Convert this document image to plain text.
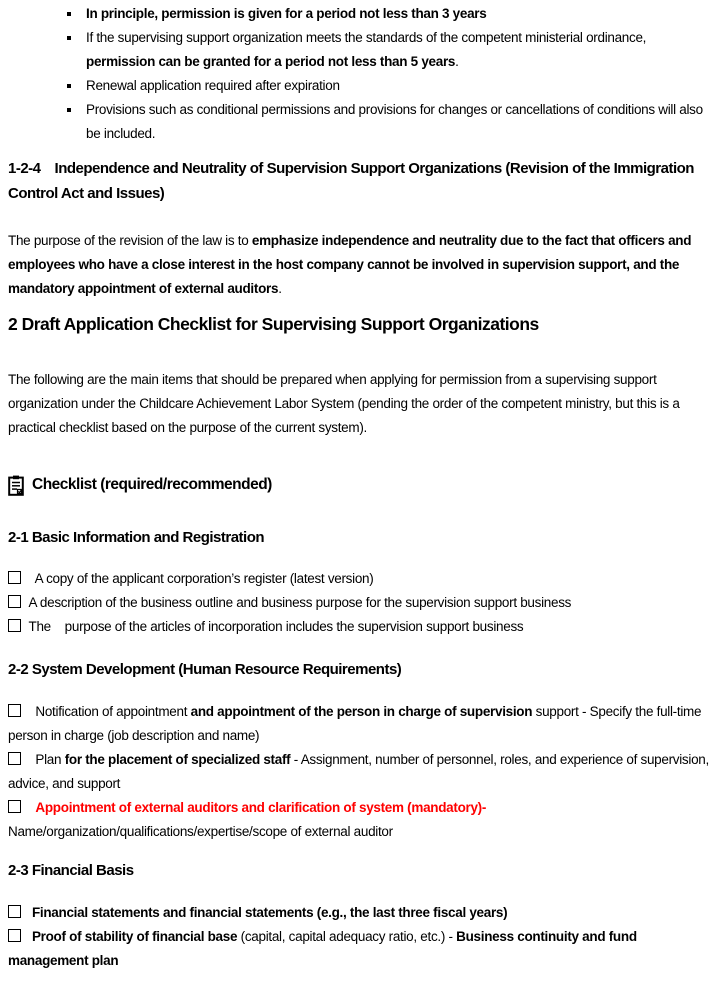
In principle, permission is given for a period not less than 3 years
If the supervising support organization meets the standards of the competent ministerial ordinance, permission can be granted for a period not less than 5 years.
Renewal application required after expiration
Provisions such as conditional permissions and provisions for changes or cancellations of conditions will also be included.
1-2-4 Independence and Neutrality of Supervision Support Organizations (Revision of the Immigration Control Act and Issues)

The purpose of the revision of the law is to emphasize independence and neutrality due to the fact that officers and employees who have a close interest in the host company cannot be involved in supervision support, and the mandatory appointment of external auditors.

2 Draft Application Checklist for Supervising Support Organizations

The following are the main items that should be prepared when applying for permission from a supervising support organization under the Childcare Achievement Labor System (pending the order of the competent ministry, but this is a practical checklist based on the purpose of the current system).

Checklist (required/recommended)
2-1 Basic Information and Registration
A copy of the applicant corporation’s register (latest version)
A description of the business outline and business purpose for the supervision support business
The    purpose of the articles of incorporation includes the supervision support business
2-2 System Development (Human Resource Requirements)
Notification of appointment and appointment of the person in charge of supervision support - Specify the full-time person in charge (job description and name)
Plan for the placement of specialized staff - Assignment, number of personnel, roles, and experience of supervision, advice, and support
Appointment of external auditors and clarification of system (mandatory)- Name/organization/qualifications/expertise/scope of external auditor
2-3 Financial Basis
Financial statements and financial statements (e.g., the last three fiscal years)
Proof of stability of financial base (capital, capital adequacy ratio, etc.) - Business continuity and fund management plan
